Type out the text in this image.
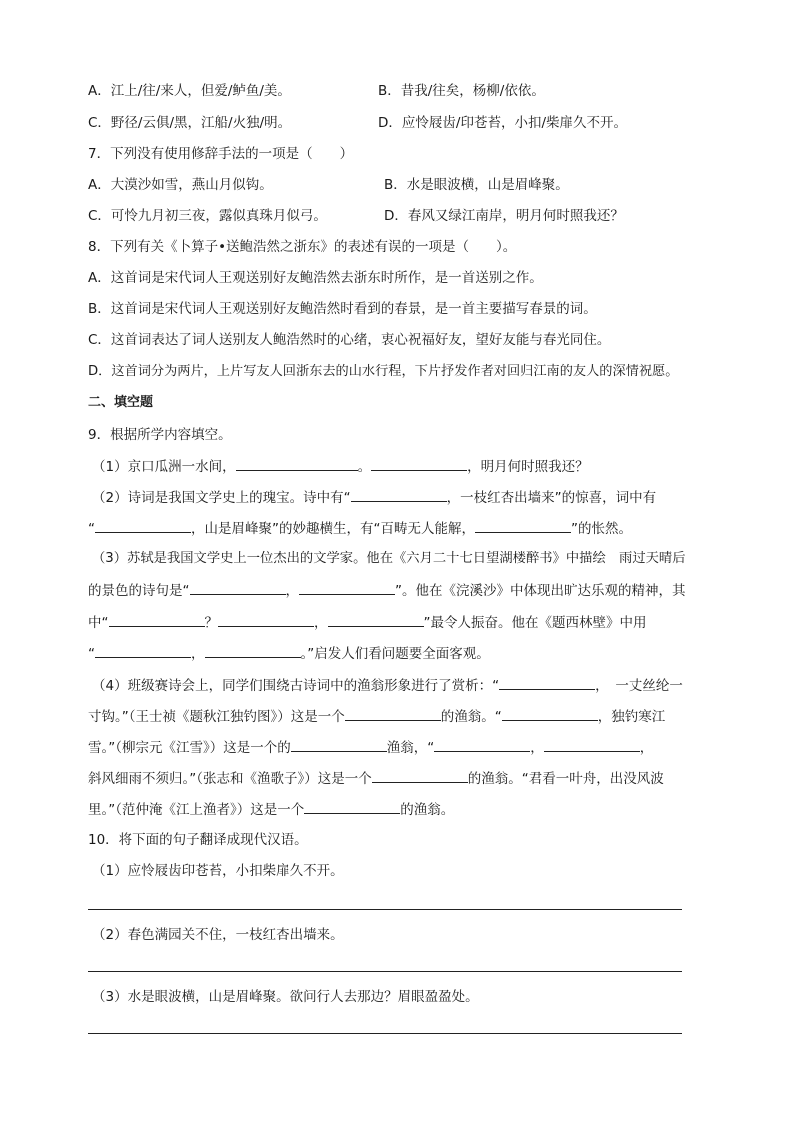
A．江上/往/来人，但爱/鲈鱼/美。	B．昔我/往矣，杨柳/依依。
C．野径/云俱/黑，江船/火独/明。	D．应怜屐齿/印苍苔，小扣/柴扉久不开。
7．下列没有使用修辞手法的一项是（　　）
A．大漠沙如雪，燕山月似钩。	B．水是眼波横，山是眉峰聚。
C．可怜九月初三夜，露似真珠月似弓。	D．春风又绿江南岸，明月何时照我还？
8．下列有关《卜算子•送鲍浩然之浙东》的表述有误的一项是（　　）。
A．这首词是宋代词人王观送别好友鲍浩然去浙东时所作，是一首送别之作。
B．这首词是宋代词人王观送别好友鲍浩然时看到的春景，是一首主要描写春景的词。
C．这首词表达了词人送别友人鲍浩然时的心绪，衷心祝福好友，望好友能与春光同住。
D．这首词分为两片，上片写友人回浙东去的山水行程，下片抒发作者对回归江南的友人的深情祝愿。
二、填空题
9．根据所学内容填空。
（1）京口瓜洲一水间，	。	，明月何时照我还？
（2）诗词是我国文学史上的瑰宝。诗中有“	，一枝红杏出墙来”的惊喜，词中有
“	，山是眉峰聚”的妙趣横生，有“百畴无人能解，	”的怅然。
（3）苏轼是我国文学史上一位杰出的文学家。他在《六月二十七日望湖楼醉书》中描绘　雨过天晴后
的景色的诗句是“	，	”。他在《浣溪沙》中体现出旷达乐观的精神，其
中“	？	，	”最令人振奋。他在《题西林壁》中用
“	，	。”启发人们看问题要全面客观。
（4）班级赛诗会上，同学们围绕古诗词中的渔翁形象进行了赏析：“	，　一丈丝纶一
寸钩。”（王士祯《题秋江独钓图》）这是一个	的渔翁。“	，独钓寒江
雪。”（柳宗元《江雪》）这是一个的	渔翁，“	，	，
斜风细雨不须归。”（张志和《渔歌子》）这是一个	的渔翁。“君看一叶舟，出没风波
里。”（范仲淹《江上渔者》）这是一个	的渔翁。
10．将下面的句子翻译成现代汉语。
（1）应怜屐齿印苍苔，小扣柴扉久不开。
（2）春色满园关不住，一枝红杏出墙来。
（3）水是眼波横，山是眉峰聚。欲问行人去那边？眉眼盈盈处。
